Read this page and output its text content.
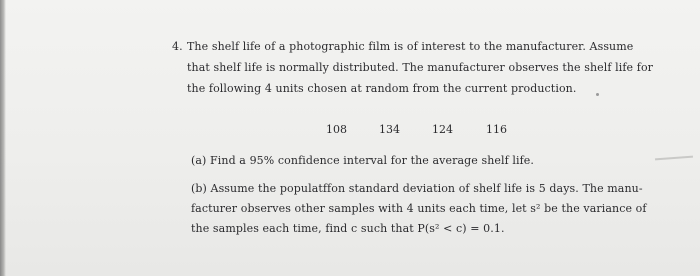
4. The shelf life of a photographic film is of interest to the manufacturer. Assume
that shelf life is normally distributed. The manufacturer observes the shelf life for
the following 4 units chosen at random from the current production.
108	134	124	116
(a) Find a 95% confidence interval for the average shelf life.
(b) Assume the populatffon standard deviation of shelf life is 5 days. The manu-
facturer observes other samples with 4 units each time, let s² be the variance of
the samples each time, find c such that P(s² < c) = 0.1.
